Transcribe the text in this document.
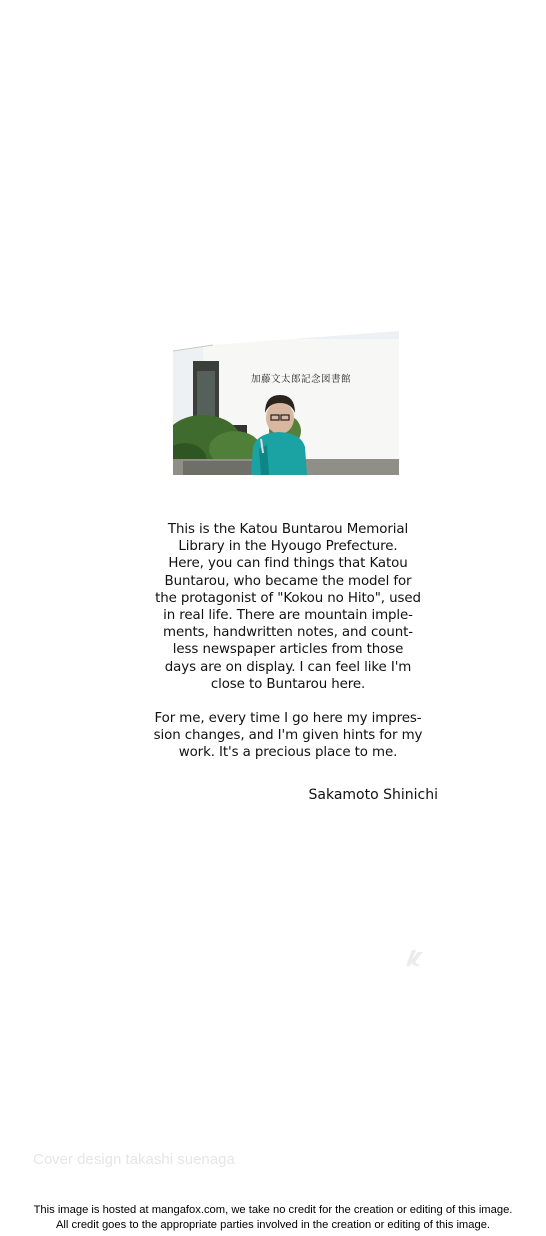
加藤文太郎記念図書館

This is the Katou Buntarou Memorial
Library in the Hyougo Prefecture.
Here, you can find things that Katou
Buntarou, who became the model for
the protagonist of "Kokou no Hito", used
in real life. There are mountain imple-
ments, handwritten notes, and count-
less newspaper articles from those
days are on display. I can feel like I'm
close to Buntarou here.

For me, every time I go here my impres-
sion changes, and I'm given hints for my
work. It's a precious place to me.

Sakamoto Shinichi
Cover design takashi suenaga
This image is hosted at mangafox.com, we take no credit for the creation or editing of this image.
All credit goes to the appropriate parties involved in the creation or editing of this image.
